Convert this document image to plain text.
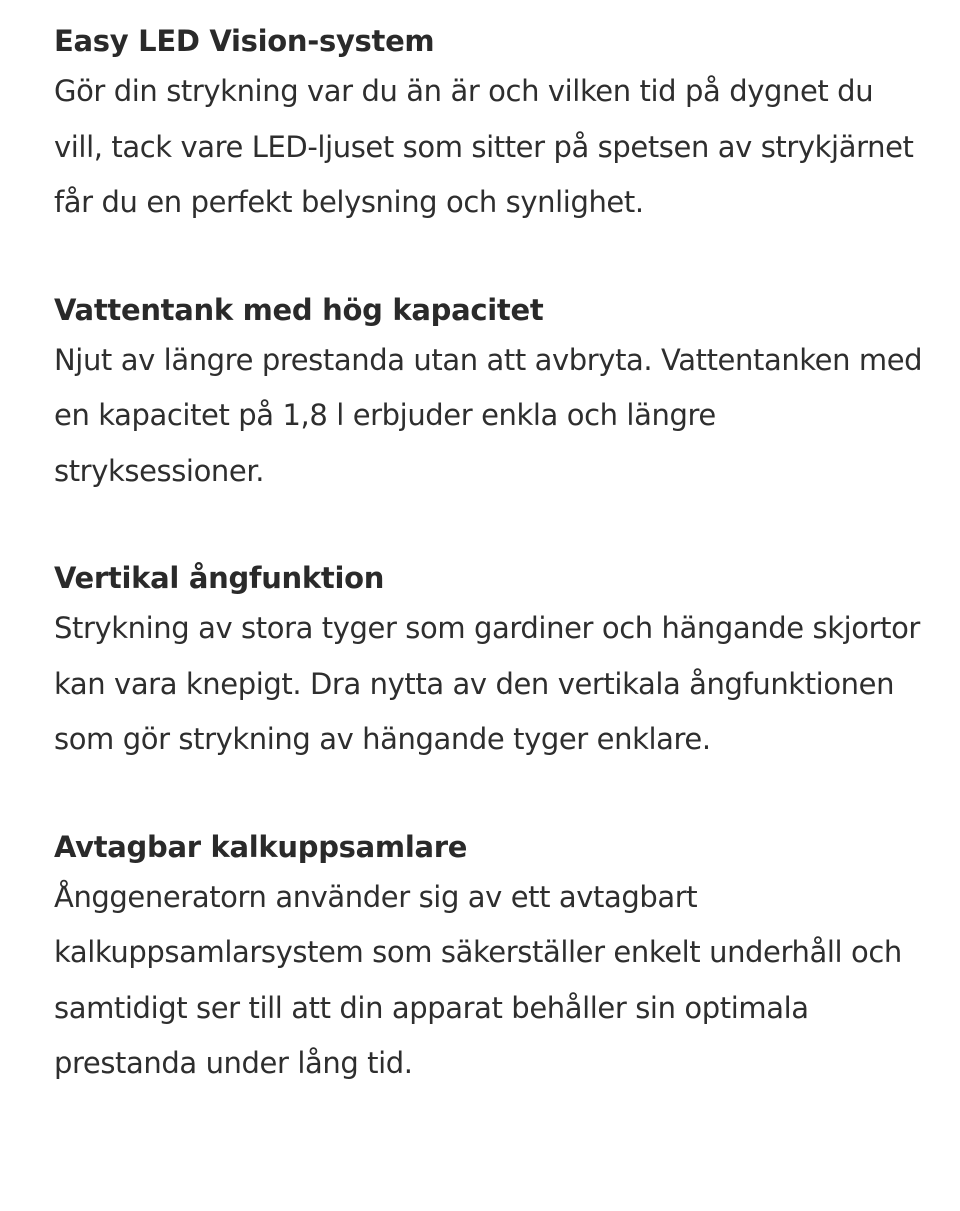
Easy LED Vision-system

Gör din strykning var du än är och vilken tid på dygnet du vill, tack vare LED-ljuset som sitter på spetsen av strykjärnet får du en perfekt belysning och synlighet.

Vattentank med hög kapacitet

Njut av längre prestanda utan att avbryta. Vattentanken med en kapacitet på 1,8 l erbjuder enkla och längre stryksessioner.

Vertikal ångfunktion

Strykning av stora tyger som gardiner och hängande skjortor kan vara knepigt. Dra nytta av den vertikala ångfunktionen som gör strykning av hängande tyger enklare.

Avtagbar kalkuppsamlare

Ånggeneratorn använder sig av ett avtagbart kalkuppsamlarsystem som säkerställer enkelt underhåll och samtidigt ser till att din apparat behåller sin optimala prestanda under lång tid.
